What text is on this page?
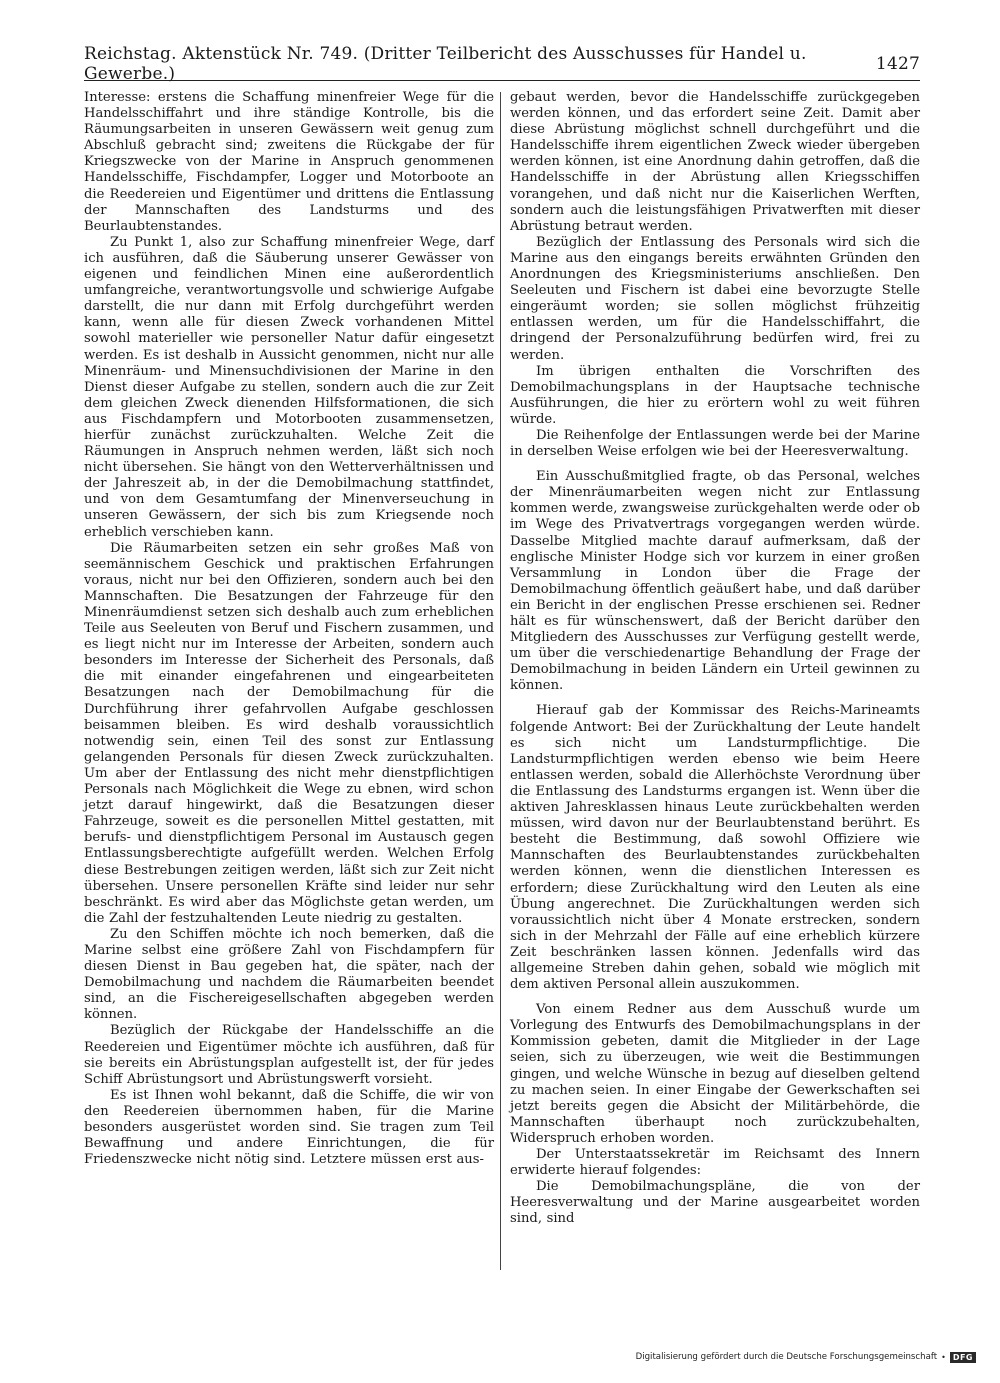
Reichstag. Aktenstück Nr. 749. (Dritter Teilbericht des Ausschusses für Handel u. Gewerbe.)	1427

Interesse: erstens die Schaffung minenfreier Wege für die Handelsschiffahrt und ihre ständige Kontrolle, bis die Räumungsarbeiten in unseren Gewässern weit genug zum Abschluß gebracht sind; zweitens die Rückgabe der für Kriegszwecke von der Marine in Anspruch genommenen Handelsschiffe, Fischdampfer, Logger und Motorboote an die Reedereien und Eigentümer und drittens die Entlassung der Mannschaften des Landsturms und des Beurlaubtenstandes.

Zu Punkt 1, also zur Schaffung minenfreier Wege, darf ich ausführen, daß die Säuberung unserer Gewässer von eigenen und feindlichen Minen eine außerordentlich umfangreiche, verantwortungsvolle und schwierige Aufgabe darstellt, die nur dann mit Erfolg durchgeführt werden kann, wenn alle für diesen Zweck vorhandenen Mittel sowohl materieller wie personeller Natur dafür eingesetzt werden. Es ist deshalb in Aussicht genommen, nicht nur alle Minenräum- und Minensuchdivisionen der Marine in den Dienst dieser Aufgabe zu stellen, sondern auch die zur Zeit dem gleichen Zweck dienenden Hilfsformationen, die sich aus Fischdampfern und Motorbooten zusammensetzen, hierfür zunächst zurückzuhalten. Welche Zeit die Räumungen in Anspruch nehmen werden, läßt sich noch nicht übersehen. Sie hängt von den Wetterverhältnissen und der Jahreszeit ab, in der die Demobilmachung stattfindet, und von dem Gesamtumfang der Minenverseuchung in unseren Gewässern, der sich bis zum Kriegsende noch erheblich verschieben kann.

Die Räumarbeiten setzen ein sehr großes Maß von seemännischem Geschick und praktischen Erfahrungen voraus, nicht nur bei den Offizieren, sondern auch bei den Mannschaften. Die Besatzungen der Fahrzeuge für den Minenräumdienst setzen sich deshalb auch zum erheblichen Teile aus Seeleuten von Beruf und Fischern zusammen, und es liegt nicht nur im Interesse der Arbeiten, sondern auch besonders im Interesse der Sicherheit des Personals, daß die mit einander eingefahrenen und eingearbeiteten Besatzungen nach der Demobilmachung für die Durchführung ihrer gefahrvollen Aufgabe geschlossen beisammen bleiben. Es wird deshalb voraussichtlich notwendig sein, einen Teil des sonst zur Entlassung gelangenden Personals für diesen Zweck zurückzuhalten. Um aber der Entlassung des nicht mehr dienstpflichtigen Personals nach Möglichkeit die Wege zu ebnen, wird schon jetzt darauf hingewirkt, daß die Besatzungen dieser Fahrzeuge, soweit es die personellen Mittel gestatten, mit berufs- und dienstpflichtigem Personal im Austausch gegen Entlassungsberechtigte aufgefüllt werden. Welchen Erfolg diese Bestrebungen zeitigen werden, läßt sich zur Zeit nicht übersehen. Unsere personellen Kräfte sind leider nur sehr beschränkt. Es wird aber das Möglichste getan werden, um die Zahl der festzuhaltenden Leute niedrig zu gestalten.

Zu den Schiffen möchte ich noch bemerken, daß die Marine selbst eine größere Zahl von Fischdampfern für diesen Dienst in Bau gegeben hat, die später, nach der Demobilmachung und nachdem die Räumarbeiten beendet sind, an die Fischereigesellschaften abgegeben werden können.

Bezüglich der Rückgabe der Handelsschiffe an die Reedereien und Eigentümer möchte ich ausführen, daß für sie bereits ein Abrüstungsplan aufgestellt ist, der für jedes Schiff Abrüstungsort und Abrüstungswerft vorsieht.

Es ist Ihnen wohl bekannt, daß die Schiffe, die wir von den Reedereien übernommen haben, für die Marine besonders ausgerüstet worden sind. Sie tragen zum Teil Bewaffnung und andere Einrichtungen, die für Friedenszwecke nicht nötig sind. Letztere müssen erst aus-

gebaut werden, bevor die Handelsschiffe zurückgegeben werden können, und das erfordert seine Zeit. Damit aber diese Abrüstung möglichst schnell durchgeführt und die Handelsschiffe ihrem eigentlichen Zweck wieder übergeben werden können, ist eine Anordnung dahin getroffen, daß die Handelsschiffe in der Abrüstung allen Kriegsschiffen vorangehen, und daß nicht nur die Kaiserlichen Werften, sondern auch die leistungsfähigen Privatwerften mit dieser Abrüstung betraut werden.

Bezüglich der Entlassung des Personals wird sich die Marine aus den eingangs bereits erwähnten Gründen den Anordnungen des Kriegsministeriums anschließen. Den Seeleuten und Fischern ist dabei eine bevorzugte Stelle eingeräumt worden; sie sollen möglichst frühzeitig entlassen werden, um für die Handelsschiffahrt, die dringend der Personalzuführung bedürfen wird, frei zu werden.

Im übrigen enthalten die Vorschriften des Demobilmachungsplans in der Hauptsache technische Ausführungen, die hier zu erörtern wohl zu weit führen würde.

Die Reihenfolge der Entlassungen werde bei der Marine in derselben Weise erfolgen wie bei der Heeresverwaltung.

Ein Ausschußmitglied fragte, ob das Personal, welches der Minenräumarbeiten wegen nicht zur Entlassung kommen werde, zwangsweise zurückgehalten werde oder ob im Wege des Privatvertrags vorgegangen werden würde. Dasselbe Mitglied machte darauf aufmerksam, daß der englische Minister Hodge sich vor kurzem in einer großen Versammlung in London über die Frage der Demobilmachung öffentlich geäußert habe, und daß darüber ein Bericht in der englischen Presse erschienen sei. Redner hält es für wünschenswert, daß der Bericht darüber den Mitgliedern des Ausschusses zur Verfügung gestellt werde, um über die verschiedenartige Behandlung der Frage der Demobilmachung in beiden Ländern ein Urteil gewinnen zu können.

Hierauf gab der Kommissar des Reichs-Marineamts folgende Antwort: Bei der Zurückhaltung der Leute handelt es sich nicht um Landsturmpflichtige. Die Landsturmpflichtigen werden ebenso wie beim Heere entlassen werden, sobald die Allerhöchste Verordnung über die Entlassung des Landsturms ergangen ist. Wenn über die aktiven Jahresklassen hinaus Leute zurückbehalten werden müssen, wird davon nur der Beurlaubtenstand berührt. Es besteht die Bestimmung, daß sowohl Offiziere wie Mannschaften des Beurlaubtenstandes zurückbehalten werden können, wenn die dienstlichen Interessen es erfordern; diese Zurückhaltung wird den Leuten als eine Übung angerechnet. Die Zurückhaltungen werden sich voraussichtlich nicht über 4 Monate erstrecken, sondern sich in der Mehrzahl der Fälle auf eine erheblich kürzere Zeit beschränken lassen können. Jedenfalls wird das allgemeine Streben dahin gehen, sobald wie möglich mit dem aktiven Personal allein auszukommen.

Von einem Redner aus dem Ausschuß wurde um Vorlegung des Entwurfs des Demobilmachungsplans in der Kommission gebeten, damit die Mitglieder in der Lage seien, sich zu überzeugen, wie weit die Bestimmungen gingen, und welche Wünsche in bezug auf dieselben geltend zu machen seien. In einer Eingabe der Gewerkschaften sei jetzt bereits gegen die Absicht der Militärbehörde, die Mannschaften überhaupt noch zurückzubehalten, Widerspruch erhoben worden.

Der Unterstaatssekretär im Reichsamt des Innern erwiderte hierauf folgendes:

Die Demobilmachungspläne, die von der Heeresverwaltung und der Marine ausgearbeitet worden sind, sind

Digitalisierung gefördert durch die Deutsche Forschungsgemeinschaft • DFG
